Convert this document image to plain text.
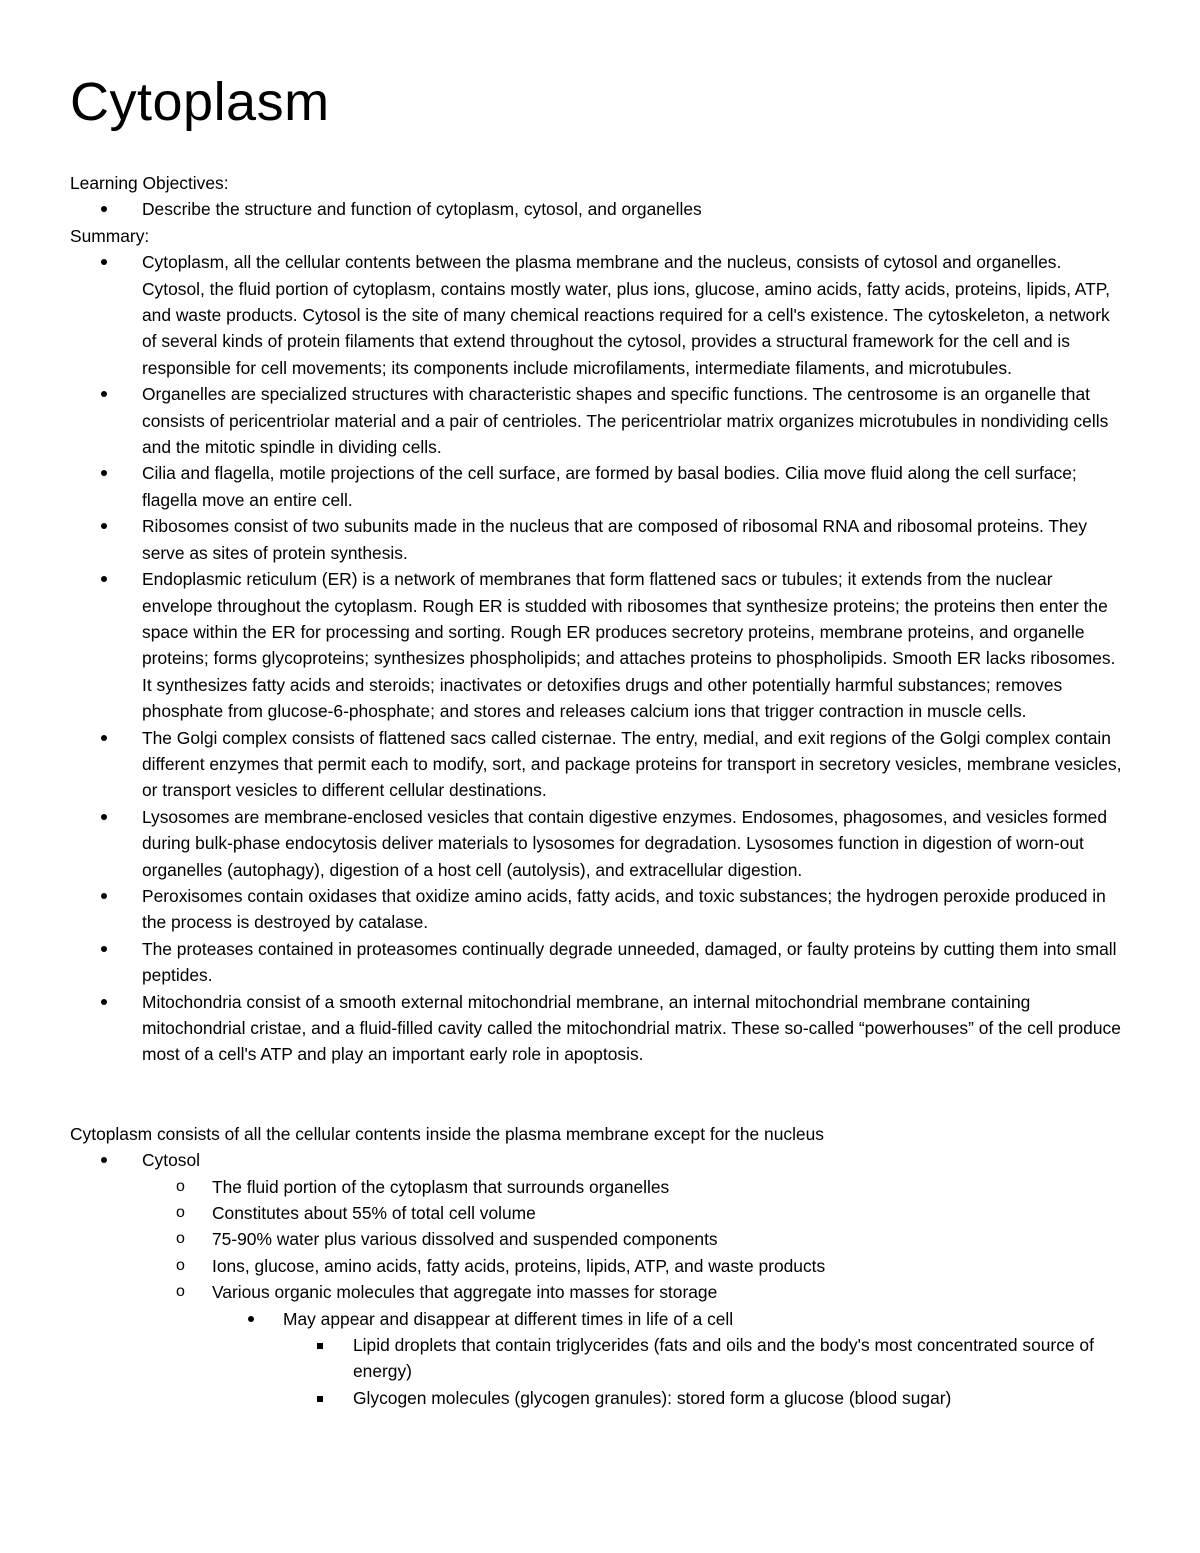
Cytoplasm

Learning Objectives:

Describe the structure and function of cytoplasm, cytosol, and organelles

Summary:

Cytoplasm, all the cellular contents between the plasma membrane and the nucleus, consists of cytosol and organelles. Cytosol, the fluid portion of cytoplasm, contains mostly water, plus ions, glucose, amino acids, fatty acids, proteins, lipids, ATP, and waste products. Cytosol is the site of many chemical reactions required for a cell's existence. The cytoskeleton, a network of several kinds of protein filaments that extend throughout the cytosol, provides a structural framework for the cell and is responsible for cell movements; its components include microfilaments, intermediate filaments, and microtubules.
Organelles are specialized structures with characteristic shapes and specific functions. The centrosome is an organelle that consists of pericentriolar material and a pair of centrioles. The pericentriolar matrix organizes microtubules in nondividing cells and the mitotic spindle in dividing cells.
Cilia and flagella, motile projections of the cell surface, are formed by basal bodies. Cilia move fluid along the cell surface; flagella move an entire cell.
Ribosomes consist of two subunits made in the nucleus that are composed of ribosomal RNA and ribosomal proteins. They serve as sites of protein synthesis.
Endoplasmic reticulum (ER) is a network of membranes that form flattened sacs or tubules; it extends from the nuclear envelope throughout the cytoplasm. Rough ER is studded with ribosomes that synthesize proteins; the proteins then enter the space within the ER for processing and sorting. Rough ER produces secretory proteins, membrane proteins, and organelle proteins; forms glycoproteins; synthesizes phospholipids; and attaches proteins to phospholipids. Smooth ER lacks ribosomes. It synthesizes fatty acids and steroids; inactivates or detoxifies drugs and other potentially harmful substances; removes phosphate from glucose-6-phosphate; and stores and releases calcium ions that trigger contraction in muscle cells.
The Golgi complex consists of flattened sacs called cisternae. The entry, medial, and exit regions of the Golgi complex contain different enzymes that permit each to modify, sort, and package proteins for transport in secretory vesicles, membrane vesicles, or transport vesicles to different cellular destinations.
Lysosomes are membrane-enclosed vesicles that contain digestive enzymes. Endosomes, phagosomes, and vesicles formed during bulk-phase endocytosis deliver materials to lysosomes for degradation. Lysosomes function in digestion of worn-out organelles (autophagy), digestion of a host cell (autolysis), and extracellular digestion.
Peroxisomes contain oxidases that oxidize amino acids, fatty acids, and toxic substances; the hydrogen peroxide produced in the process is destroyed by catalase.
The proteases contained in proteasomes continually degrade unneeded, damaged, or faulty proteins by cutting them into small peptides.
Mitochondria consist of a smooth external mitochondrial membrane, an internal mitochondrial membrane containing mitochondrial cristae, and a fluid-filled cavity called the mitochondrial matrix. These so-called “powerhouses” of the cell produce most of a cell's ATP and play an important early role in apoptosis.

Cytoplasm consists of all the cellular contents inside the plasma membrane except for the nucleus

Cytosol
o The fluid portion of the cytoplasm that surrounds organelles
o Constitutes about 55% of total cell volume
o 75-90% water plus various dissolved and suspended components
o Ions, glucose, amino acids, fatty acids, proteins, lipids, ATP, and waste products
o Various organic molecules that aggregate into masses for storage
May appear and disappear at different times in life of a cell
Lipid droplets that contain triglycerides (fats and oils and the body's most concentrated source of energy)
Glycogen molecules (glycogen granules): stored form a glucose (blood sugar)
